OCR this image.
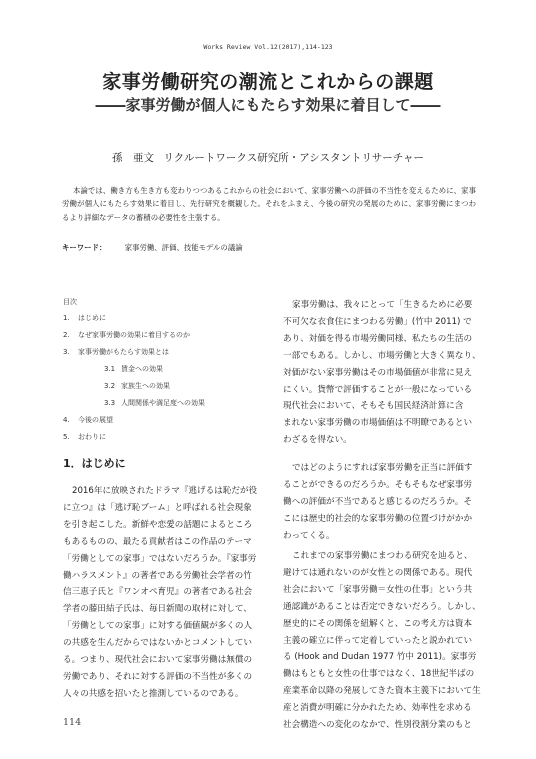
Works Review Vol.12(2017),114-123
家事労働研究の潮流とこれからの課題
――家事労働が個人にもたらす効果に着目して――
孫　亜文 リクルートワークス研究所・アシスタントリサーチャー
本論では、働き方も生き方も変わりつつあるこれからの社会において、家事労働への評価の不当性を変えるために、家事労働が個人にもたらす効果に着目し、先行研究を概観した。それをふまえ、今後の研究の発展のために、家事労働にまつわるより詳細なデータの蓄積の必要性を主張する。
キーワード： 家事労働、評価、技能モデルの議論
目次
1. はじめに
2. なぜ家事労働の効果に着目するのか
3. 家事労働がもたらす効果とは
3.1 賃金への効果
3.2 家族生への効果
3.3 人間関係や満足度への効果
4. 今後の展望
5. おわりに
1．はじめに
2016年に放映されたドラマ『逃げるは恥だが役
に立つ』は「逃げ恥ブーム」と呼ばれる社会現象
を引き起こした。新鮮や恋愛の話題によるところ
もあるものの、最たる貢献者はこの作品のテーマ
「労働としての家事」ではないだろうか。『家事労
働ハラスメント』の著者である労働社会学者の竹
信三恵子氏と『ワンオペ育児』の著者である社会
学者の藤田結子氏は、毎日新聞の取材に対して、
「労働としての家事」に対する価値観が多くの人
の共感を生んだからではないかとコメントしてい
る。つまり、現代社会において家事労働は無償の
労働であり、それに対する評価の不当性が多くの
人々の共感を招いたと推測しているのである。
家事労働は、我々にとって「生きるために必要
不可欠な衣食住にまつわる労働」(竹中 2011) で
あり、対価を得る市場労働同様、私たちの生活の
一部でもある。しかし、市場労働と大きく異なり、
対価がない家事労働はその市場価値が非常に見え
にくい。貨幣で評価することが一般になっている
現代社会において、そもそも国民経済計算に含
まれない家事労働の市場価値は不明瞭であるとい
わざるを得ない。
ではどのようにすれば家事労働を正当に評価す
ることができるのだろうか。そもそもなぜ家事労
働への評価が不当であると感じるのだろうか。そ
こには歴史的社会的な家事労働の位置づけがかか
わってくる。
これまでの家事労働にまつわる研究を辿ると、
避けては通れないのが女性との関係である。現代
社会において「家事労働＝女性の仕事」という共
通認識があることは否定できないだろう。しかし、
歴史的にその関係を紐解くと、この考え方は資本
主義の確立に伴って定着していったと説かれてい
る (Hook and Dudan 1977 竹中 2011)。家事労
働はもともと女性の仕事ではなく、18世紀半ばの
産業革命以降の発展してきた資本主義下において生
産と消費が明確に分かれたため、効率性を求める
社会構造への変化のなかで、性別役割分業のもと
114
